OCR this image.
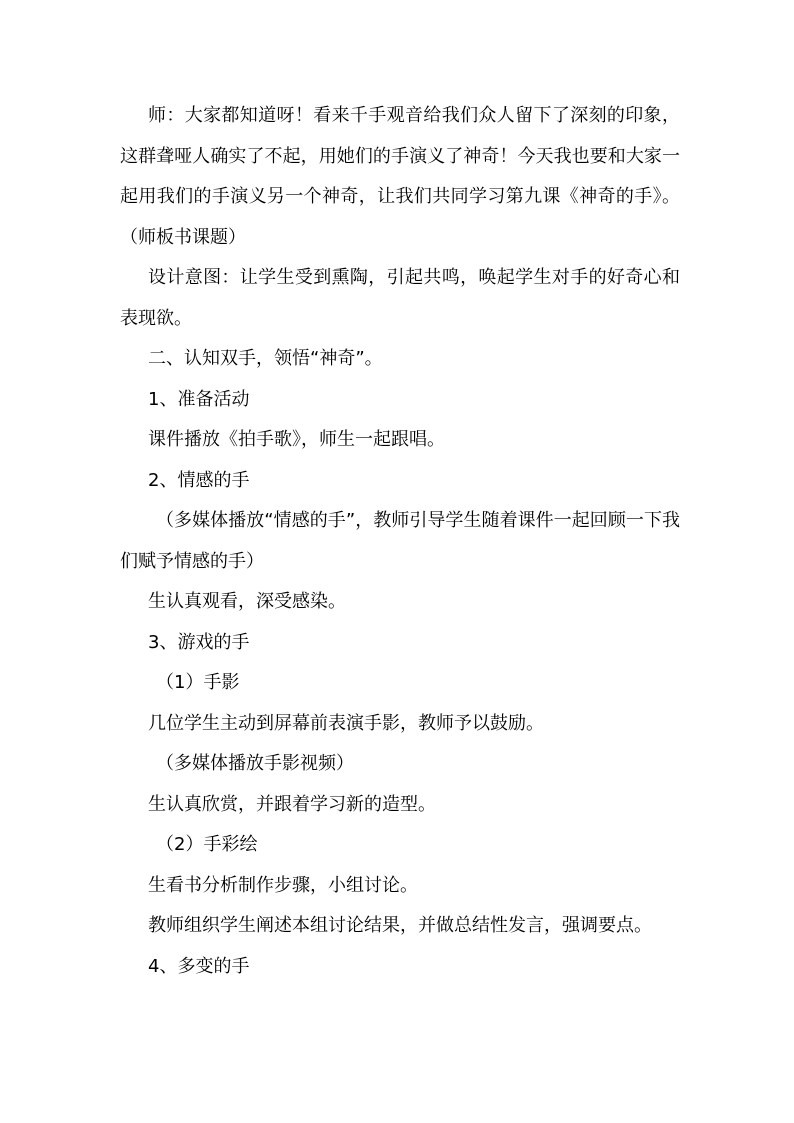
师：大家都知道呀！看来千手观音给我们众人留下了深刻的印象，这群聋哑人确实了不起，用她们的手演义了神奇！今天我也要和大家一起用我们的手演义另一个神奇，让我们共同学习第九课《神奇的手》。（师板书课题）

设计意图：让学生受到熏陶，引起共鸣，唤起学生对手的好奇心和表现欲。

二、认知双手，领悟“神奇”。

1、准备活动

课件播放《拍手歌》，师生一起跟唱。

2、情感的手

（多媒体播放“情感的手”，教师引导学生随着课件一起回顾一下我们赋予情感的手）

生认真观看，深受感染。

3、游戏的手

（1）手影

几位学生主动到屏幕前表演手影，教师予以鼓励。

（多媒体播放手影视频）

生认真欣赏，并跟着学习新的造型。

（2）手彩绘

生看书分析制作步骤，小组讨论。

教师组织学生阐述本组讨论结果，并做总结性发言，强调要点。

4、多变的手
